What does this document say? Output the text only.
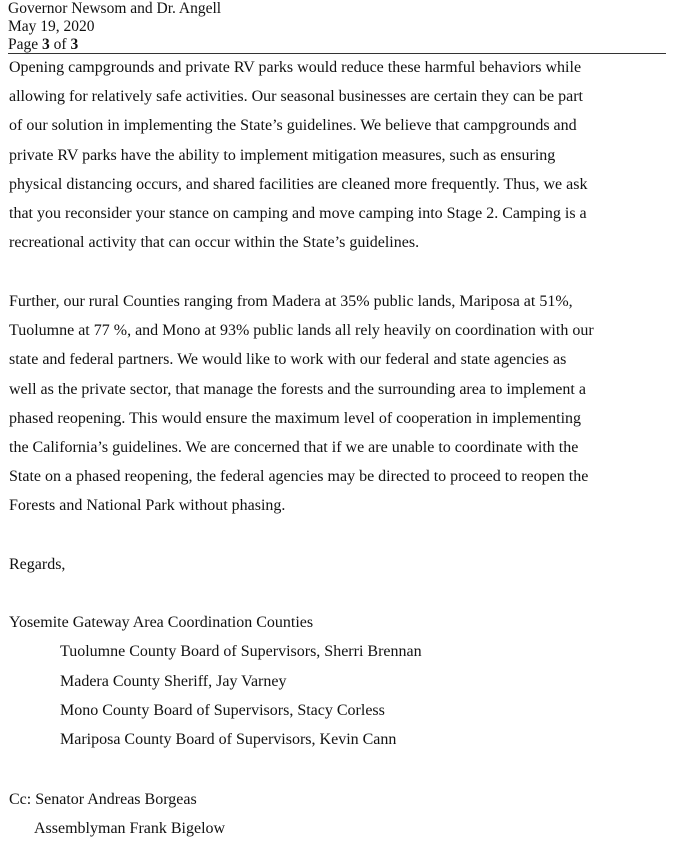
Governor Newsom and Dr. Angell
May 19, 2020
Page 3 of 3
Opening campgrounds and private RV parks would reduce these harmful behaviors while
allowing for relatively safe activities. Our seasonal businesses are certain they can be part
of our solution in implementing the State’s guidelines. We believe that campgrounds and
private RV parks have the ability to implement mitigation measures, such as ensuring
physical distancing occurs, and shared facilities are cleaned more frequently. Thus, we ask
that you reconsider your stance on camping and move camping into Stage 2. Camping is a
recreational activity that can occur within the State’s guidelines.
Further, our rural Counties ranging from Madera at 35% public lands, Mariposa at 51%,
Tuolumne at 77 %, and Mono at 93% public lands all rely heavily on coordination with our
state and federal partners. We would like to work with our federal and state agencies as
well as the private sector, that manage the forests and the surrounding area to implement a
phased reopening. This would ensure the maximum level of cooperation in implementing
the California’s guidelines. We are concerned that if we are unable to coordinate with the
State on a phased reopening, the federal agencies may be directed to proceed to reopen the
Forests and National Park without phasing.
Regards,
Yosemite Gateway Area Coordination Counties
Tuolumne County Board of Supervisors, Sherri Brennan
Madera County Sheriff, Jay Varney
Mono County Board of Supervisors, Stacy Corless
Mariposa County Board of Supervisors, Kevin Cann
Cc: Senator Andreas Borgeas
Assemblyman Frank Bigelow
